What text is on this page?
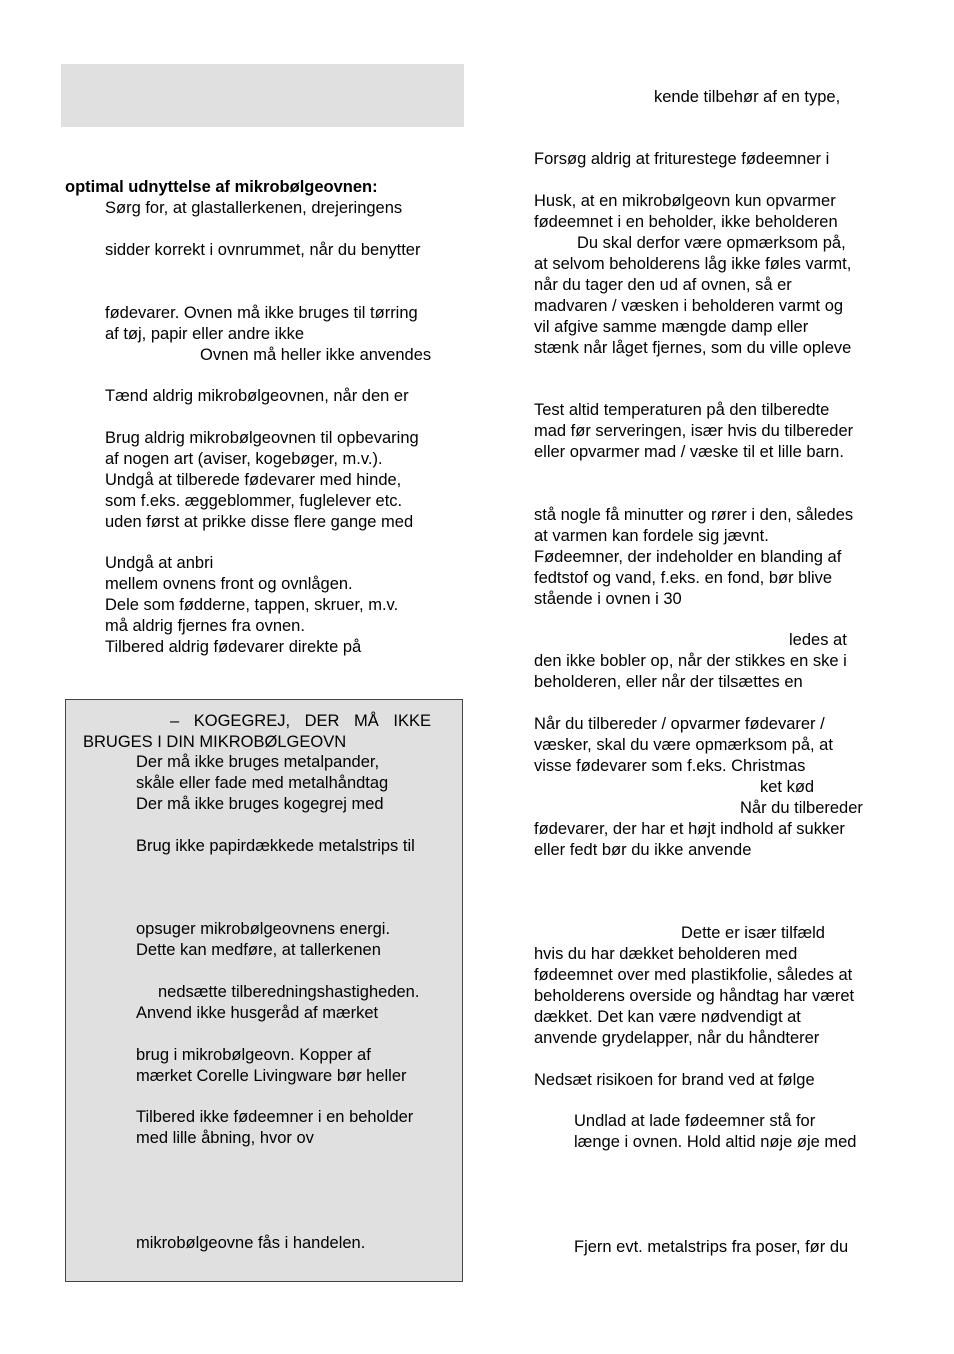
optimal udnyttelse af mikrobølgeovnen:
Sørg for, at glastallerkenen, drejeringens
sidder korrekt i ovnrummet, når du benytter
fødevarer. Ovnen må ikke bruges til tørring
af tøj, papir eller andre ikke
Ovnen må heller ikke anvendes
Tænd aldrig mikrobølgeovnen, når den er
Brug aldrig mikrobølgeovnen til opbevaring
af nogen art (aviser, kogebøger, m.v.).
Undgå at tilberede fødevarer med hinde,
som f.eks. æggeblommer, fuglelever etc.
uden først at prikke disse flere gange med
Undgå at anbri
mellem ovnens front og ovnlågen.
Dele som fødderne, tappen, skruer, m.v.
må aldrig fjernes fra ovnen.
Tilbered aldrig fødevarer direkte på
– KOGEGREJ, DER MÅ IKKE
BRUGES I DIN MIKROBØLGEOVN
Der må ikke bruges metalpander,
skåle eller fade med metalhåndtag
Der må ikke bruges kogegrej med
Brug ikke papirdækkede metalstrips til
opsuger mikrobølgeovnens energi.
Dette kan medføre, at tallerkenen
nedsætte tilberedningshastigheden.
Anvend ikke husgeråd af mærket
brug i mikrobølgeovn. Kopper af
mærket Corelle Livingware bør heller
Tilbered ikke fødeemner i en beholder
med lille åbning, hvor ov
mikrobølgeovne fås i handelen.
kende tilbehør af en type,
Forsøg aldrig at friturestege fødeemner i
Husk, at en mikrobølgeovn kun opvarmer
fødeemnet i en beholder, ikke beholderen
Du skal derfor være opmærksom på,
at selvom beholderens låg ikke føles varmt,
når du tager den ud af ovnen, så er
madvaren / væsken i beholderen varmt og
vil afgive samme mængde damp eller
stænk når låget fjernes, som du ville opleve
Test altid temperaturen på den tilberedte
mad før serveringen, især hvis du tilbereder
eller opvarmer mad / væske til et lille barn.
stå nogle få minutter og rører i den, således
at varmen kan fordele sig jævnt.
Fødeemner, der indeholder en blanding af
fedtstof og vand, f.eks. en fond, bør blive
stående i ovnen i 30
ledes at
den ikke bobler op, når der stikkes en ske i
beholderen, eller når der tilsættes en
Når du tilbereder / opvarmer fødevarer /
væsker, skal du være opmærksom på, at
visse fødevarer som f.eks. Christmas
ket kød
Når du tilbereder
fødevarer, der har et højt indhold af sukker
eller fedt bør du ikke anvende
Dette er især tilfæld
hvis du har dækket beholderen med
fødeemnet over med plastikfolie, således at
beholderens overside og håndtag har været
dækket. Det kan være nødvendigt at
anvende grydelapper, når du håndterer
Nedsæt risikoen for brand ved at følge
Undlad at lade fødeemner stå for
længe i ovnen. Hold altid nøje øje med
Fjern evt. metalstrips fra poser, før du
